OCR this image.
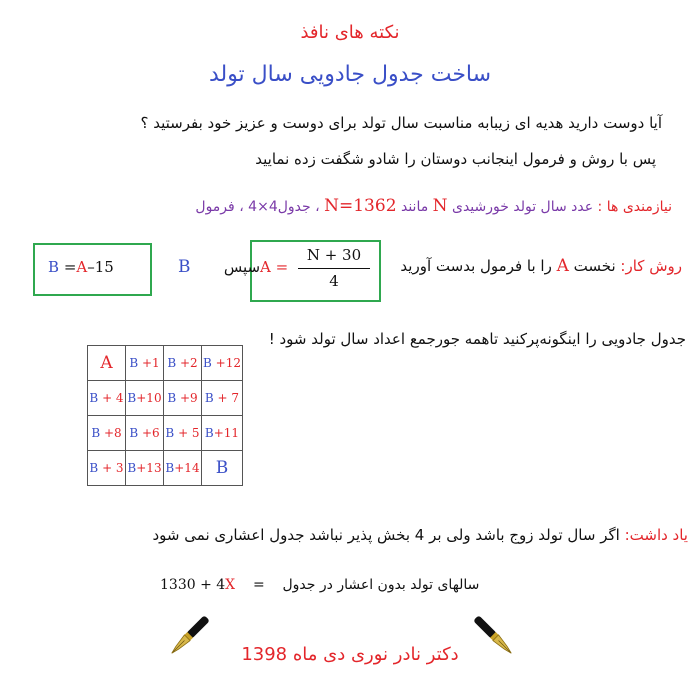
نکته های نافذ
ساخت جدول جادویی سال تولد
آیا دوست دارید هدیه ای زیبابه مناسبت سال تولد برای دوست و عزیز خود بفرستید ؟
پس با روش و فرمول اینجانب دوستان را شادو شگفت زده نمایید
نیازمندی ها : عدد سال تولد خورشیدی N مانند N=1362 ، جدول4×4 ، فرمول
روش کار: نخست A را با فرمول بدست آورید
A =
N + 30
4
سپس       B
B =A–15
جدول جادویی را اینگونه‌پرکنید تاهمه جورجمع اعداد سال تولد شود !
A	B +1	B +2	B +12
B + 4	B+10	B +9	B + 7
B +8	B +6	B + 5	B+11
B + 3	B+13	B+14	B
یاد داشت: اگر سال تولد زوج باشد ولی بر 4 بخش پذیر نباشد جدول اعشاری نمی شود
1330 + 4X = سالهای تولد بدون اعشار در جدول
دکتر نادر نوری دی ماه 1398
